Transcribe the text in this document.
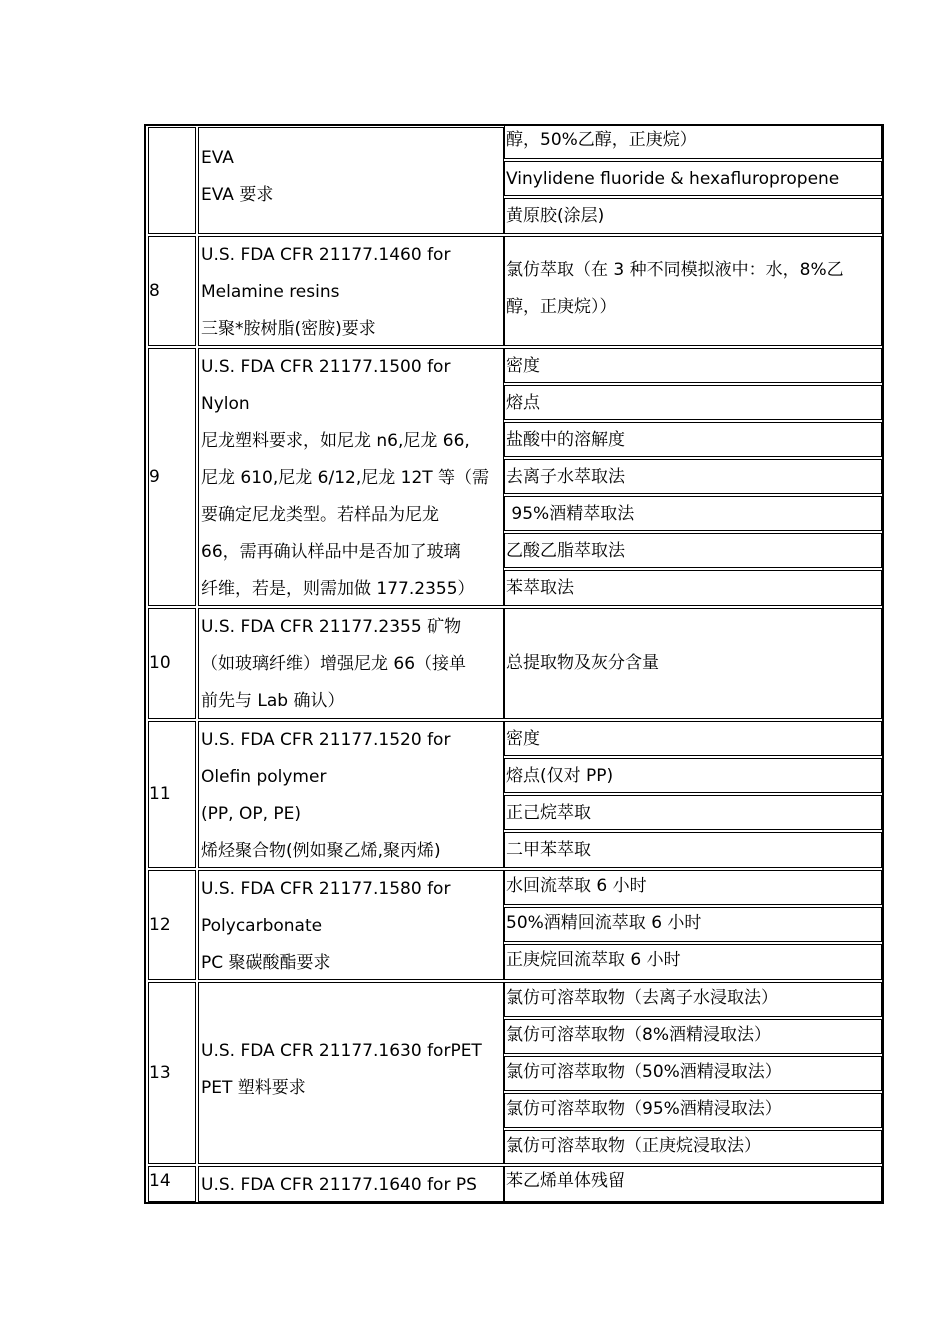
EVA
EVA 要求
醇，50%乙醇，正庚烷）
Vinylidene fluoride & hexafluropropene
黄原胶(涂层)
8
U.S. FDA CFR 21177.1460 for
Melamine resins
三聚*胺树脂(密胺)要求
氯仿萃取（在 3 种不同模拟液中：水，8%乙
醇，正庚烷））
9
U.S. FDA CFR 21177.1500 for
Nylon
尼龙塑料要求，如尼龙 n6,尼龙 66,
尼龙 610,尼龙 6/12,尼龙 12T 等（需
要确定尼龙类型。若样品为尼龙
66，需再确认样品中是否加了玻璃
纤维，若是，则需加做 177.2355）
密度
熔点
盐酸中的溶解度
去离子水萃取法
95%酒精萃取法
乙酸乙脂萃取法
苯萃取法
10
U.S. FDA CFR 21177.2355 矿物
（如玻璃纤维）增强尼龙 66（接单
前先与 Lab 确认）
总提取物及灰分含量
11
U.S. FDA CFR 21177.1520 for
Olefin polymer
(PP, OP, PE)
烯烃聚合物(例如聚乙烯,聚丙烯)
密度
熔点(仅对 PP)
正己烷萃取
二甲苯萃取
12
U.S. FDA CFR 21177.1580 for
Polycarbonate
PC 聚碳酸酯要求
水回流萃取 6 小时
50%酒精回流萃取 6 小时
正庚烷回流萃取 6 小时
13
U.S. FDA CFR 21177.1630 forPET
PET 塑料要求
氯仿可溶萃取物（去离子水浸取法）
氯仿可溶萃取物（8%酒精浸取法）
氯仿可溶萃取物（50%酒精浸取法）
氯仿可溶萃取物（95%酒精浸取法）
氯仿可溶萃取物（正庚烷浸取法）
14	U.S. FDA CFR 21177.1640 for PS	苯乙烯单体残留
